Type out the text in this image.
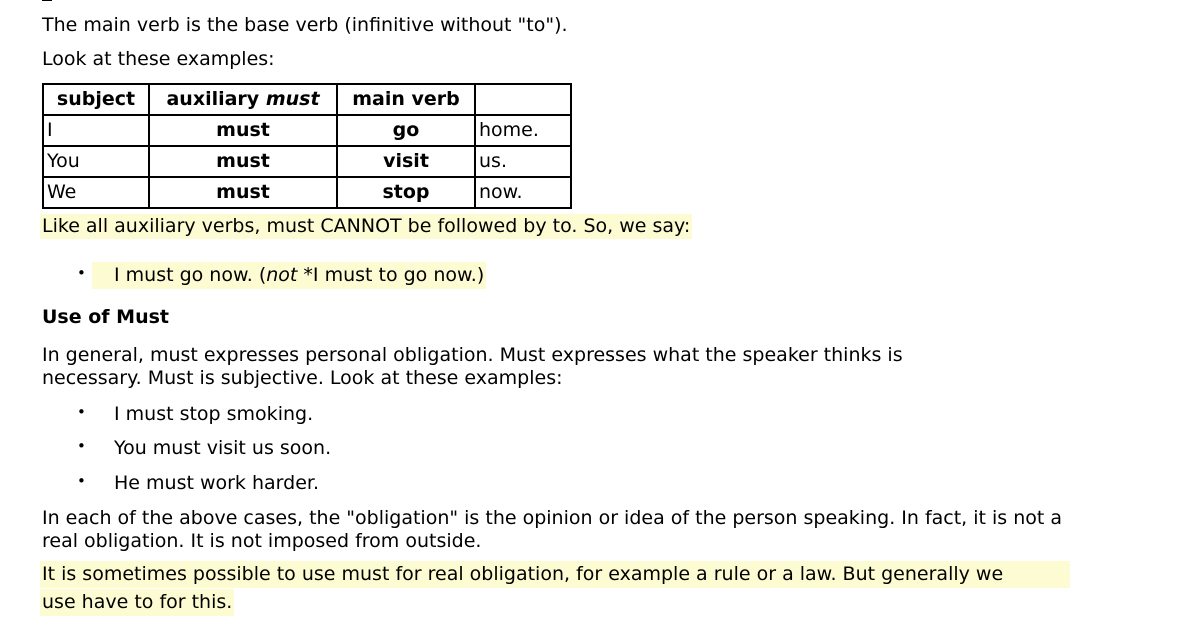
The main verb is the base verb (infinitive without "to").
Look at these examples:
subject	auxiliary must	main verb	
I	must	go	home.
You	must	visit	us.
We	must	stop	now.
Like all auxiliary verbs, must CANNOT be followed by to. So, we say:
•	I must go now. (not *I must to go now.)
Use of Must
In general, must expresses personal obligation. Must expresses what the speaker thinks is
necessary. Must is subjective. Look at these examples:
• I must stop smoking.
• You must visit us soon.
• He must work harder.
In each of the above cases, the "obligation" is the opinion or idea of the person speaking. In fact, it is not a
real obligation. It is not imposed from outside.
It is sometimes possible to use must for real obligation, for example a rule or a law. But generally we
use have to for this.
